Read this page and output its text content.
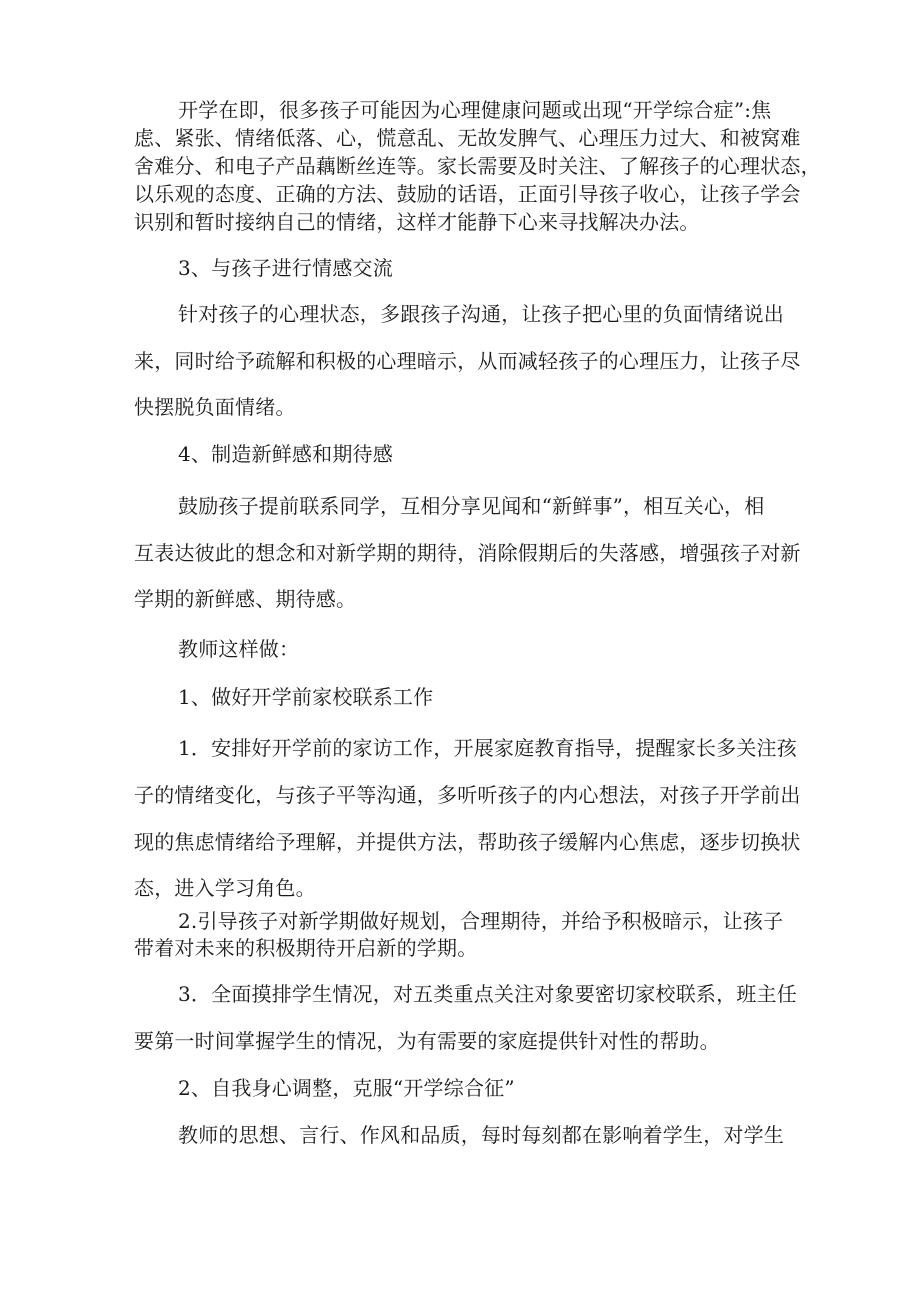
开学在即，很多孩子可能因为心理健康问题或出现“开学综合症”:焦

虑、紧张、情绪低落、心，慌意乱、无故发脾气、心理压力过大、和被窝难

舍难分、和电子产品藕断丝连等。家长需要及时关注、了解孩子的心理状态，

以乐观的态度、正确的方法、鼓励的话语，正面引导孩子收心，让孩子学会

识别和暂时接纳自己的情绪，这样才能静下心来寻找解决办法。

3、与孩子进行情感交流

针对孩子的心理状态，多跟孩子沟通，让孩子把心里的负面情绪说出

来，同时给予疏解和积极的心理暗示，从而减轻孩子的心理压力，让孩子尽

快摆脱负面情绪。

4、制造新鲜感和期待感

鼓励孩子提前联系同学，互相分享见闻和“新鲜事”，相互关心，相

互表达彼此的想念和对新学期的期待，消除假期后的失落感，增强孩子对新

学期的新鲜感、期待感。

教师这样做：

1、做好开学前家校联系工作

1．安排好开学前的家访工作，开展家庭教育指导，提醒家长多关注孩

子的情绪变化，与孩子平等沟通，多听听孩子的内心想法，对孩子开学前出

现的焦虑情绪给予理解，并提供方法，帮助孩子缓解内心焦虑，逐步切换状

态，进入学习角色。

2.引导孩子对新学期做好规划，合理期待，并给予积极暗示，让孩子

带着对未来的积极期待开启新的学期。

3．全面摸排学生情况，对五类重点关注对象要密切家校联系，班主任

要第一时间掌握学生的情况，为有需要的家庭提供针对性的帮助。

2、自我身心调整，克服“开学综合征”

教师的思想、言行、作风和品质，每时每刻都在影响着学生，对学生
